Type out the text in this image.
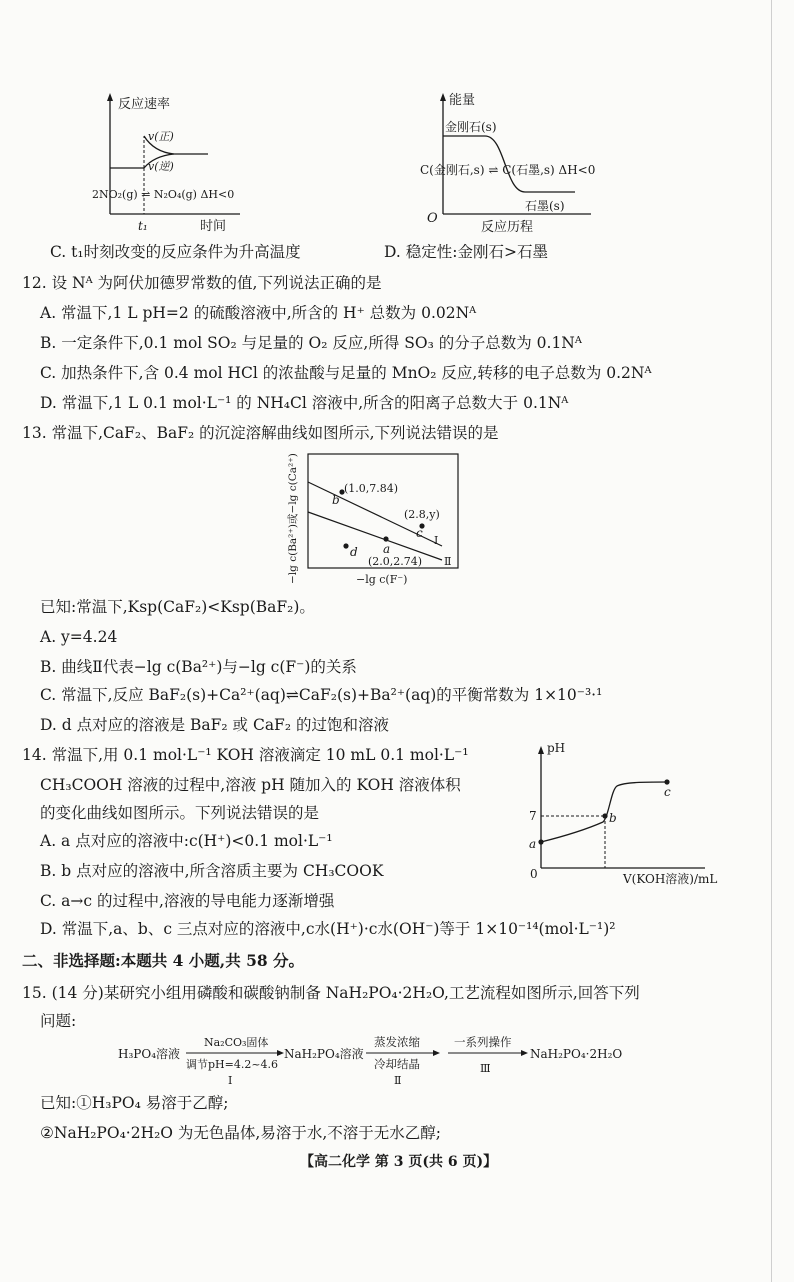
反应速率
v(正)
v(逆)
2NO₂(g) ⇌ N₂O₄(g) ΔH<0
t₁	时间
能量
金刚石(s)
C(金刚石,s) ⇌ C(石墨,s) ΔH<0
石墨(s)
O
反应历程
C. t₁时刻改变的反应条件为升高温度	D. 稳定性:金刚石>石墨
12. 设 Nᴬ 为阿伏加德罗常数的值,下列说法正确的是
A. 常温下,1 L pH=2 的硫酸溶液中,所含的 H⁺ 总数为 0.02Nᴬ
B. 一定条件下,0.1 mol SO₂ 与足量的 O₂ 反应,所得 SO₃ 的分子总数为 0.1Nᴬ
C. 加热条件下,含 0.4 mol HCl 的浓盐酸与足量的 MnO₂ 反应,转移的电子总数为 0.2Nᴬ
D. 常温下,1 L 0.1 mol·L⁻¹ 的 NH₄Cl 溶液中,所含的阳离子总数大于 0.1Nᴬ
13. 常温下,CaF₂、BaF₂ 的沉淀溶解曲线如图所示,下列说法错误的是
−lg c(Ba²⁺)或−lg c(Ca²⁺)	b
(1.0,7.84)
(2.8,y)
c
Ⅰ
a
d
(2.0,2.74) Ⅱ
−lg c(F⁻)
已知:常温下,Ksp(CaF₂)<Ksp(BaF₂)。
A. y=4.24
B. 曲线Ⅱ代表−lg c(Ba²⁺)与−lg c(F⁻)的关系
C. 常温下,反应 BaF₂(s)+Ca²⁺(aq)⇌CaF₂(s)+Ba²⁺(aq)的平衡常数为 1×10⁻³·¹
D. d 点对应的溶液是 BaF₂ 或 CaF₂ 的过饱和溶液
14. 常温下,用 0.1 mol·L⁻¹ KOH 溶液滴定 10 mL 0.1 mol·L⁻¹
CH₃COOH 溶液的过程中,溶液 pH 随加入的 KOH 溶液体积
的变化曲线如图所示。下列说法错误的是
A. a 点对应的溶液中:c(H⁺)<0.1 mol·L⁻¹
B. b 点对应的溶液中,所含溶质主要为 CH₃COOK
C. a→c 的过程中,溶液的导电能力逐渐增强
D. 常温下,a、b、c 三点对应的溶液中,c水(H⁺)·c水(OH⁻)等于 1×10⁻¹⁴(mol·L⁻¹)²
pH
7
a
b
c
0	V(KOH溶液)/mL
二、非选择题:本题共 4 小题,共 58 分。
15. (14 分)某研究小组用磷酸和碳酸钠制备 NaH₂PO₄·2H₂O,工艺流程如图所示,回答下列
问题:
H₃PO₄溶液
Na₂CO₃固体
调节pH=4.2~4.6
Ⅰ
NaH₂PO₄溶液
蒸发浓缩
冷却结晶
Ⅱ
一系列操作
Ⅲ
NaH₂PO₄·2H₂O
已知:①H₃PO₄ 易溶于乙醇;
②NaH₂PO₄·2H₂O 为无色晶体,易溶于水,不溶于无水乙醇;
【高二化学 第 3 页(共 6 页)】
